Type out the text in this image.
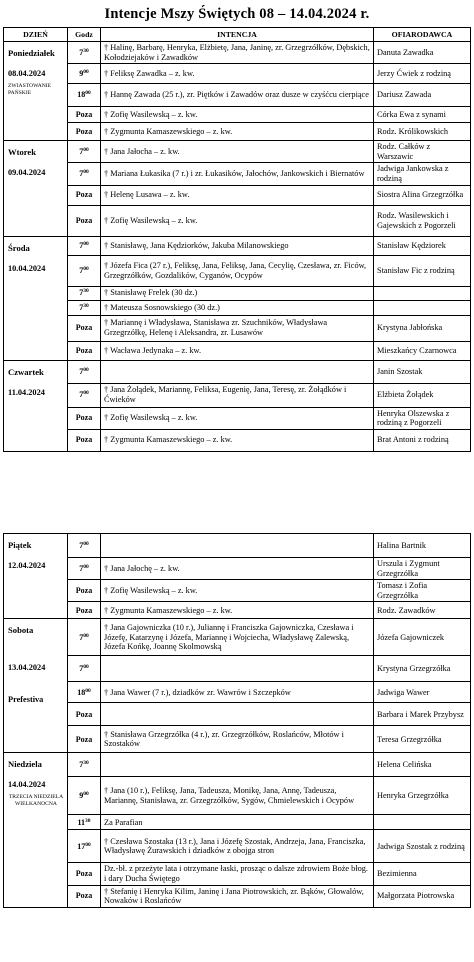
Intencje Mszy Świętych 08 – 14.04.2024 r.
DZIEŃ	Godz	INTENCJA	OFIARODAWCA

Poniedziałek
08.04.2024
ZWIASTOWANIE PAŃSKIE	$7^{30}$	† Halinę, Barbarę, Henryka, Elżbietę, Jana, Janinę, zr. Grzegrzółków, Dębskich, Kołodziejaków i Zawadków	Danuta Zawadka
	$9^{00}$	† Feliksę Zawadka – z. kw.	Jerzy Ćwiek z rodziną
	$18^{00}$	† Hannę Zawada (25 r.), zr. Piętków i Zawadów oraz dusze w czyśćcu cierpiące	Dariusz Zawada
	Poza	† Zofię Wasilewską – z. kw.	Córka Ewa z synami
	Poza	† Zygmunta Kamaszewskiego – z. kw.	Rodz. Królikowskich

Wtorek
09.04.2024	$7^{00}$	† Jana Jałocha – z. kw.	Rodz. Całków z Warszawic
	$7^{00}$	† Mariana Łukasika (7 r.) i zr. Łukasików, Jałochów, Jankowskich i Biernatów	Jadwiga Jankowska z rodziną
	Poza	† Helenę Lusawa – z. kw.	Siostra Alina Grzegrzółka
	Poza	† Zofię Wasilewską – z. kw.	Rodz. Wasilewskich i Gajewskich z Pogorzeli

Środa
10.04.2024	$7^{00}$	† Stanisławę, Jana Kędziorków, Jakuba Milanowskiego	Stanisław Kędziorek
	$7^{00}$	† Józefa Fica (27 r.), Feliksę, Jana, Feliksę, Jana, Cecylię, Czesława, zr. Ficów, Grzegrzółków, Gozdalików, Cyganów, Ocypów	Stanisław Fic z rodziną
	$7^{30}$	† Stanisławę Frelek (30 dz.)	
	$7^{30}$	† Mateusza Sosnowskiego (30 dz.)	
	Poza	† Mariannę i Władysława, Stanisława zr. Szuchników, Władysława Grzegrzółkę, Helenę i Aleksandra, zr. Lusawów	Krystyna Jabłońska
	Poza	† Wacława Jedynaka – z. kw.	Mieszkańcy Czarnowca

Czwartek
11.04.2024	$7^{00}$		Janin Szostak
	$7^{00}$	† Jana Żołądek, Mariannę, Feliksa, Eugenię, Jana, Teresę, zr. Żołądków i Ćwieków	Elżbieta Żołądek
	Poza	† Zofię Wasilewską – z. kw.	Henryka Olszewska z rodziną z Pogorzeli
	Poza	† Zygmunta Kamaszewskiego – z. kw.	Brat Antoni z rodziną
Piątek
12.04.2024	$7^{00}$		Halina Bartnik
	$7^{00}$	† Jana Jałochę – z. kw.	Urszula i Zygmunt Grzegrzółka
	Poza	† Zofię Wasilewską – z. kw.	Tomasz i Zofia Grzegrzółka
	Poza	† Zygmunta Kamaszewskiego – z. kw.	Rodz. Zawadków

Sobota
13.04.2024
Prefestiva	$7^{00}$	† Jana Gajowniczka (10 r.), Juliannę i Franciszka Gajowniczka, Czesława i Józefę, Katarzynę i Józefa, Mariannę i Wojciecha, Władysławę Zalewską, Józefa Końkę, Joannę Skolmowską	Józefa Gajowniczek
	$7^{00}$		Krystyna Grzegrzółka
	$18^{00}$	† Jana Wawer (7 r.), dziadków zr. Wawrów i Szczepków	Jadwiga Wawer
	Poza		Barbara i Marek Przybysz
	Poza	† Stanisława Grzegrzółka (4 r.), zr. Grzegrzółków, Roslańców, Młotów i Szostaków	Teresa Grzegrzółka

Niedziela
14.04.2024
TRZECIA NIEDZIELA WIELKANOCNA	$7^{30}$		Helena Celińska
	$9^{00}$	† Jana (10 r.), Feliksę, Jana, Tadeusza, Monikę, Jana, Annę, Tadeusza, Mariannę, Stanisława, zr. Grzegrzółków, Sygów, Chmielewskich i Ocypów	Henryka Grzegrzółka
	$11^{30}$	Za Parafian	
	$17^{00}$	† Czesława Szostaka (13 r.), Jana i Józefę Szostak, Andrzeja, Jana, Franciszka, Władysławę Żurawskich i dziadków z obojga stron	Jadwiga Szostak z rodziną
	Poza	Dz.-bł. z przeżyte lata i otrzymane łaski, prosząc o dalsze zdrowiem Boże błog. i dary Ducha Świętego	Bezimienna
	Poza	† Stefanię i Henryka Kilim, Janinę i Jana Piotrowskich, zr. Bąków, Głowalów, Nowaków i Roslańców	Małgorzata Piotrowska
